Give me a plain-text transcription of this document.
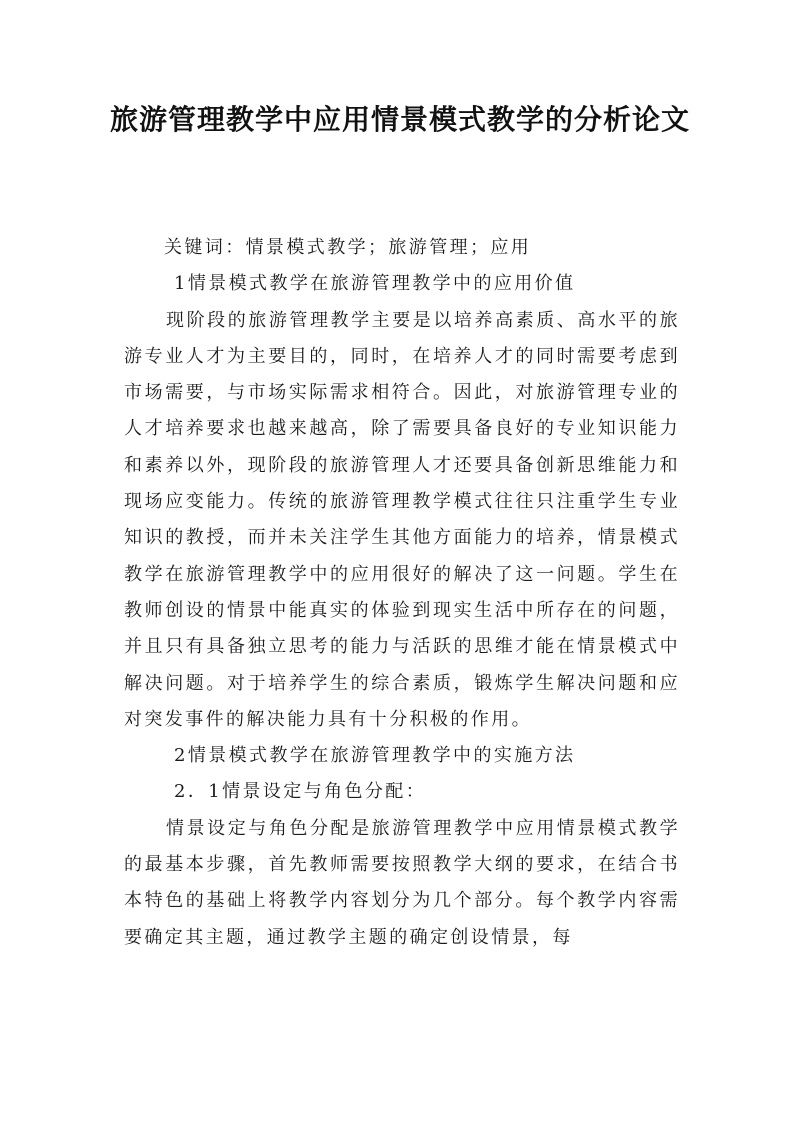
旅游管理教学中应用情景模式教学的分析论文

关键词：情景模式教学；旅游管理；应用

1情景模式教学在旅游管理教学中的应用价值

现阶段的旅游管理教学主要是以培养高素质、高水平的旅游专业人才为主要目的，同时，在培养人才的同时需要考虑到市场需要，与市场实际需求相符合。因此，对旅游管理专业的人才培养要求也越来越高，除了需要具备良好的专业知识能力和素养以外，现阶段的旅游管理人才还要具备创新思维能力和现场应变能力。传统的旅游管理教学模式往往只注重学生专业知识的教授，而并未关注学生其他方面能力的培养，情景模式教学在旅游管理教学中的应用很好的解决了这一问题。学生在教师创设的情景中能真实的体验到现实生活中所存在的问题，并且只有具备独立思考的能力与活跃的思维才能在情景模式中解决问题。对于培养学生的综合素质，锻炼学生解决问题和应对突发事件的解决能力具有十分积极的作用。

2情景模式教学在旅游管理教学中的实施方法

2．1情景设定与角色分配：

情景设定与角色分配是旅游管理教学中应用情景模式教学的最基本步骤，首先教师需要按照教学大纲的要求，在结合书本特色的基础上将教学内容划分为几个部分。每个教学内容需要确定其主题，通过教学主题的确定创设情景，每
